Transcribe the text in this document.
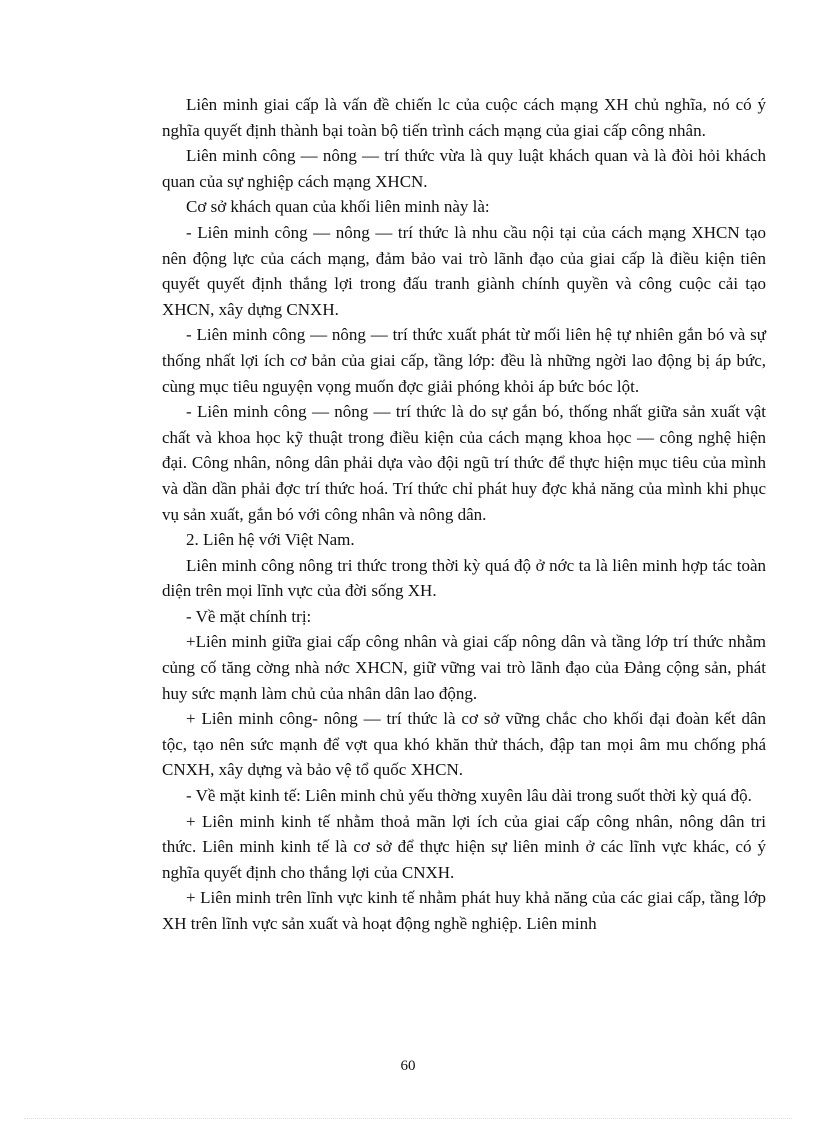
Liên minh giai cấp là vấn đề chiến lc của cuộc cách mạng XH chủ nghĩa, nó có ý nghĩa quyết định thành bại toàn bộ tiến trình cách mạng của giai cấp công nhân.

Liên minh công — nông — trí thức vừa là quy luật khách quan và là đòi hỏi khách quan của sự nghiệp cách mạng XHCN.

Cơ sở khách quan của khối liên minh này là:

- Liên minh công — nông — trí thức là nhu cầu nội tại của cách mạng XHCN tạo nên động lực của cách mạng, đảm bảo vai trò lãnh đạo của giai cấp là điều kiện tiên quyết quyết định thắng lợi trong đấu tranh giành chính quyền và công cuộc cải tạo XHCN, xây dựng CNXH.

- Liên minh công — nông — trí thức xuất phát từ mối liên hệ tự nhiên gắn bó và sự thống nhất lợi ích cơ bản của giai cấp, tầng lớp: đều là những ngời lao động bị áp bức, cùng mục tiêu nguyện vọng muốn đợc giải phóng khỏi áp bức bóc lột.

- Liên minh công — nông — trí thức là do sự gắn bó, thống nhất giữa sản xuất vật chất và khoa học kỹ thuật trong điều kiện của cách mạng khoa học — công nghệ hiện đại. Công nhân, nông dân phải dựa vào đội ngũ trí thức để thực hiện mục tiêu của mình và dần dần phải đợc trí thức hoá. Trí thức chỉ phát huy đợc khả năng của mình khi phục vụ sản xuất, gắn bó với công nhân và nông dân.

2. Liên hệ với Việt Nam.

Liên minh công nông tri thức trong thời kỳ quá độ ở nớc ta là liên minh hợp tác toàn diện trên mọi lĩnh vực của đời sống XH.

- Về mặt chính trị:

+Liên minh giữa giai cấp công nhân và giai cấp nông dân và tầng lớp trí thức nhằm củng cố tăng cờng nhà nớc XHCN, giữ vững vai trò lãnh đạo của Đảng cộng sản, phát huy sức mạnh làm chủ của nhân dân lao động.

+ Liên minh công- nông — trí thức là cơ sở vững chắc cho khối đại đoàn kết dân tộc, tạo nên sức mạnh để vợt qua khó khăn thử thách, đập tan mọi âm mu chống phá CNXH, xây dựng và bảo vệ tổ quốc XHCN.

- Về mặt kinh tế: Liên minh chủ yếu thờng xuyên lâu dài trong suốt thời kỳ quá độ.

+ Liên minh kinh tế nhằm thoả mãn lợi ích của giai cấp công nhân, nông dân tri thức. Liên minh kinh tế là cơ sở để thực hiện sự liên minh ở các lĩnh vực khác, có ý nghĩa quyết định cho thắng lợi của CNXH.

+ Liên minh trên lĩnh vực kinh tế nhằm phát huy khả năng của các giai cấp, tầng lớp XH trên lĩnh vực sản xuất và hoạt động nghề nghiệp. Liên minh

60
